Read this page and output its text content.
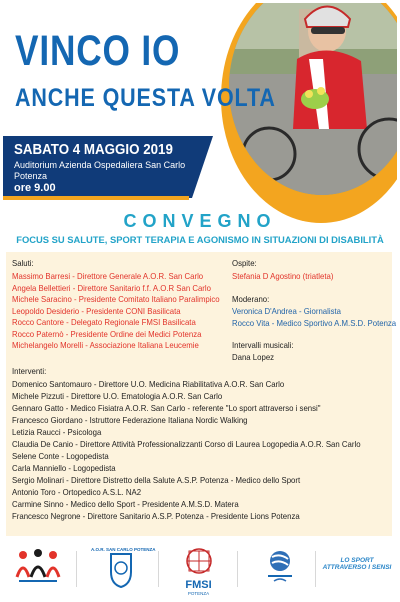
VINCO IO
ANCHE QUESTA VOLTA
SABATO 4 MAGGIO 2019
Auditorium Azienda Ospedaliera San Carlo
Potenza
ore 9.00
CONVEGNO
FOCUS SU SALUTE, SPORT TERAPIA E AGONISMO IN SITUAZIONI DI DISABILITÀ
Saluti:
Massimo Barresi - Direttore Generale A.O.R. San Carlo
Angela Bellettieri - Direttore Sanitario f.f. A.O.R San Carlo
Michele Saracino - Presidente Comitato Italiano Paralimpico
Leopoldo Desiderio - Presidente CONI Basilicata
Rocco Cantore - Delegato Regionale FMSI Basilicata
Rocco Paternò - Presidente Ordine dei Medici Potenza
Michelangelo Morelli - Associazione Italiana Leucemie
Ospite:
Stefania D Agostino (triatleta)
Moderano:
Veronica D'Andrea - Giornalista
Rocco Vita - Medico Sportivo A.M.S.D. Potenza
Intervalli musicali:
Dana Lopez
Interventi:
Domenico Santomauro - Direttore U.O. Medicina Riabilitativa A.O.R. San Carlo
Michele Pizzuti - Direttore U.O. Ematologia A.O.R. San Carlo
Gennaro Gatto - Medico Fisiatra A.O.R. San Carlo - referente "Lo sport attraverso i sensi"
Francesco Giordano - Istruttore Federazione Italiana Nordic Walking
Letizia Raucci - Psicologa
Claudia De Canio - Direttore Attività Professionalizzanti Corso di Laurea Logopedia A.O.R. San Carlo
Selene Conte - Logopedista
Carla Manniello - Logopedista
Sergio Molinari - Direttore Distretto della Salute A.S.P. Potenza - Medico dello Sport
Antonio Toro - Ortopedico A.S.L. NA2
Carmine Sinno - Medico dello Sport - Presidente A.M.S.D. Matera
Francesco Negrone - Direttore Sanitario A.S.P. Potenza - Presidente Lions Potenza
A.O.R. SAN CARLO POTENZA
FMSI
POTENZA
LO SPORT
ATTRAVERSO I SENSI
